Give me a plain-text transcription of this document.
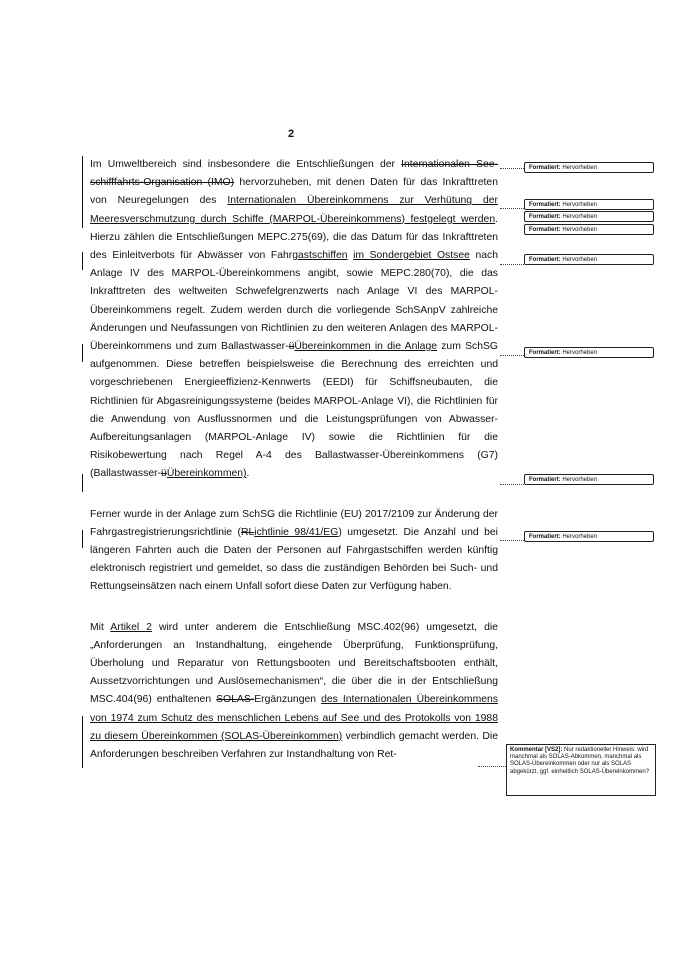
2

Im Umweltbereich sind insbesondere die Entschließungen der Internationalen See-schifffahrts-Organisation (IMO) hervorzuheben, mit denen Daten für das Inkrafttreten von Neuregelungen des Internationalen Übereinkommens zur Verhütung der Meeresverschmutzung durch Schiffe (MARPOL-Übereinkommens) festgelegt werden. Hierzu zählen die Entschließungen MEPC.275(69), die das Datum für das Inkrafttreten des Einleitverbots für Abwässer von Fahrgastschiffen im Sondergebiet Ostsee nach Anlage IV des MARPOL-Übereinkommens angibt, sowie MEPC.280(70), die das Inkrafttreten des weltweiten Schwefelgrenzwerts nach Anlage VI des MARPOL-Übereinkommens regelt. Zudem werden durch die vorliegende SchSAnpV zahlreiche Änderungen und Neufassungen von Richtlinien zu den weiteren Anlagen des MARPOL-Übereinkommens und zum Ballastwasser-üÜbereinkommen in die Anlage zum SchSG aufgenommen. Diese betreffen beispielsweise die Berechnung des erreichten und vorgeschriebenen Energieeffizienz-Kennwerts (EEDI) für Schiffsneubauten, die Richtlinien für Abgasreinigungssysteme (beides MARPOL-Anlage VI), die Richtlinien für die Anwendung von Ausflussnormen und die Leistungsprüfungen von Abwasser-Aufbereitungsanlagen (MARPOL-Anlage IV) sowie die Richtlinien für die Risikobewertung nach Regel A-4 des Ballastwasser-Übereinkommens (G7) (Ballastwasser-üÜbereinkommen).

Ferner wurde in der Anlage zum SchSG die Richtlinie (EU) 2017/2109 zur Änderung der Fahrgastregistrierungsrichtlinie (RLichtlinie 98/41/EG) umgesetzt. Die Anzahl und bei längeren Fahrten auch die Daten der Personen auf Fahrgastschiffen werden künftig elektronisch registriert und gemeldet, so dass die zuständigen Behörden bei Such- und Rettungseinsätzen nach einem Unfall sofort diese Daten zur Verfügung haben.

Mit Artikel 2 wird unter anderem die Entschließung MSC.402(96) umgesetzt, die „Anforderungen an Instandhaltung, eingehende Überprüfung, Funktionsprüfung, Überholung und Reparatur von Rettungsbooten und Bereitschaftsbooten enthält, Aussetzvorrichtungen und Auslösemechanismen“, die über die in der Entschließung MSC.404(96) enthaltenen SOLAS-Ergänzungen des Internationalen Übereinkommens von 1974 zum Schutz des menschlichen Lebens auf See und des Protokolls von 1988 zu diesem Übereinkommen (SOLAS-Übereinkommen) verbindlich gemacht werden. Die Anforderungen beschreiben Verfahren zur Instandhaltung von Ret-

Formatiert: Hervorheben
Formatiert: Hervorheben
Formatiert: Hervorheben
Formatiert: Hervorheben
Formatiert: Hervorheben
Formatiert: Hervorheben
Formatiert: Hervorheben
Formatiert: Hervorheben
Kommentar [VS2]: Nur redaktioneller Hinweis: wird manchmal als SOLAS-Abkommen, manchmal als SOLAS-Übereinkommen oder nur als SOLAS abgekürzt, ggf. einheitlich SOLAS-Übereinkommen?
